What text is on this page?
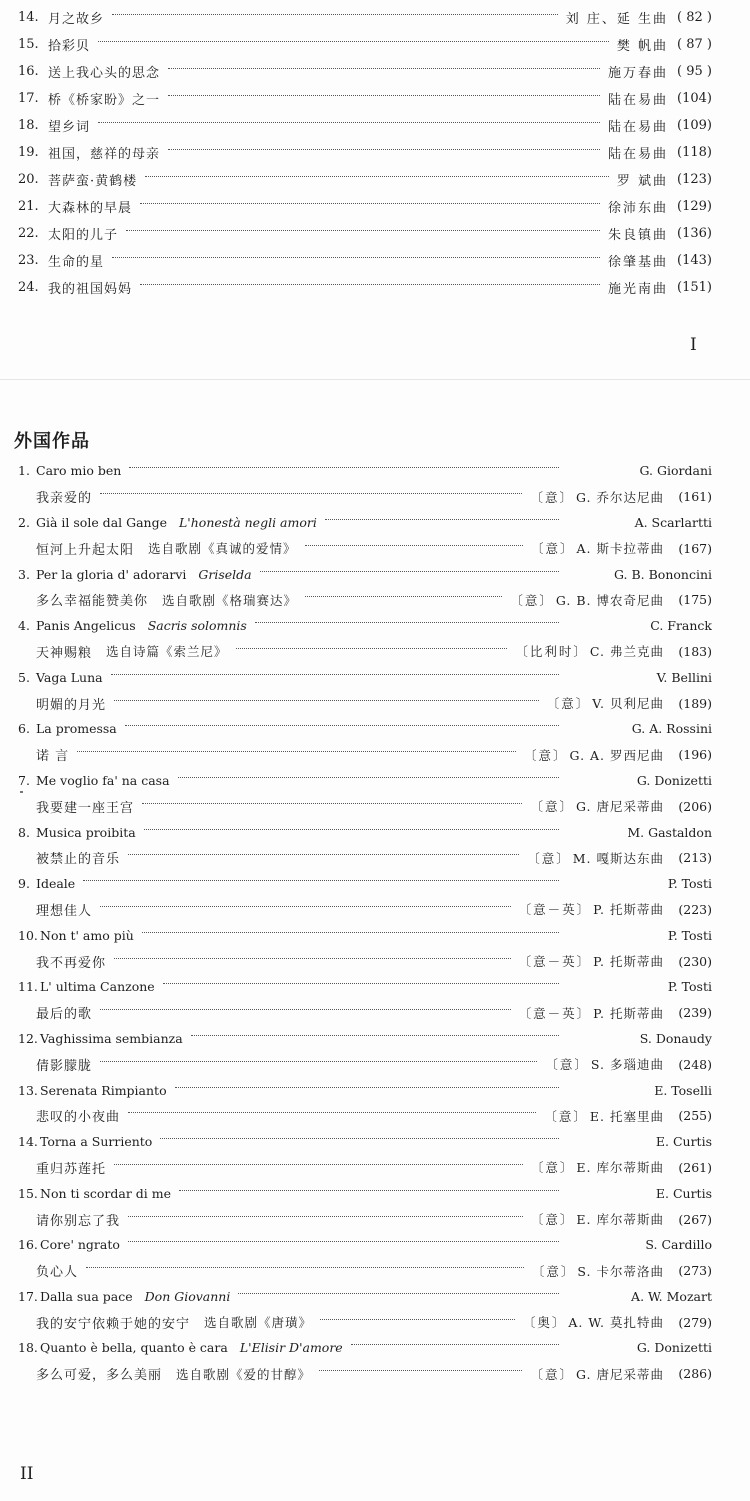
14. 月之故乡	刘 庄、延 生曲 ( 82 )
15. 拾彩贝	樊 帆曲 ( 87 )
16. 送上我心头的思念	施万春曲 ( 95 )
17. 桥《桥家盼》之一	陆在易曲 (104)
18. 望乡词	陆在易曲 (109)
19. 祖国，慈祥的母亲	陆在易曲 (118)
20. 菩萨蛮·黄鹤楼	罗 斌曲 (123)
21. 大森林的早晨	徐沛东曲 (129)
22. 太阳的儿子	朱良镇曲 (136)
23. 生命的星	徐肇基曲 (143)
24. 我的祖国妈妈	施光南曲 (151)
I
外国作品
1. Caro mio ben	G. Giordani
我亲爱的	〔意〕 G. 乔尔达尼曲	(161)
2. Già il sole dal Gange L'honestà negli amori	A. Scarlartti
恒河上升起太阳 选自歌剧《真诚的爱情》	〔意〕 A. 斯卡拉蒂曲	(167)
3. Per la gloria d' adorarvi Griselda	G. B. Bononcini
多么幸福能赞美你 选自歌剧《格瑞赛达》	〔意〕 G. B. 博农奇尼曲	(175)
4. Panis Angelicus Sacris solomnis	C. Franck
天神赐粮 选自诗篇《索兰尼》	〔比利时〕 C. 弗兰克曲	(183)
5. Vaga Luna	V. Bellini
明媚的月光	〔意〕 V. 贝利尼曲	(189)
6. La promessa	G. A. Rossini
诺 言	〔意〕 G. A. 罗西尼曲	(196)
7. Me voglio fa' na casa	G. Donizetti
我要建一座王宫	〔意〕 G. 唐尼采蒂曲	(206)
8. Musica proibita	M. Gastaldon
被禁止的音乐	〔意〕 M. 嘎斯达东曲	(213)
9. Ideale	P. Tosti
理想佳人	〔意－英〕 P. 托斯蒂曲	(223)
10. Non t' amo più	P. Tosti
我不再爱你	〔意－英〕 P. 托斯蒂曲	(230)
11. L' ultima Canzone	P. Tosti
最后的歌	〔意－英〕 P. 托斯蒂曲	(239)
12. Vaghissima sembianza	S. Donaudy
倩影朦胧	〔意〕 S. 多瑙迪曲	(248)
13. Serenata Rimpianto	E. Toselli
悲叹的小夜曲	〔意〕 E. 托塞里曲	(255)
14. Torna a Surriento	E. Curtis
重归苏莲托	〔意〕 E. 库尔蒂斯曲	(261)
15. Non ti scordar di me	E. Curtis
请你别忘了我	〔意〕 E. 库尔蒂斯曲	(267)
16. Core' ngrato	S. Cardillo
负心人	〔意〕 S. 卡尔蒂洛曲	(273)
17. Dalla sua pace Don Giovanni	A. W. Mozart
我的安宁依赖于她的安宁 选自歌剧《唐璜》	〔奥〕 A. W. 莫扎特曲	(279)
18. Quanto è bella, quanto è cara L'Elisir D'amore	G. Donizetti
多么可爱，多么美丽 选自歌剧《爱的甘醇》	〔意〕 G. 唐尼采蒂曲	(286)
II
